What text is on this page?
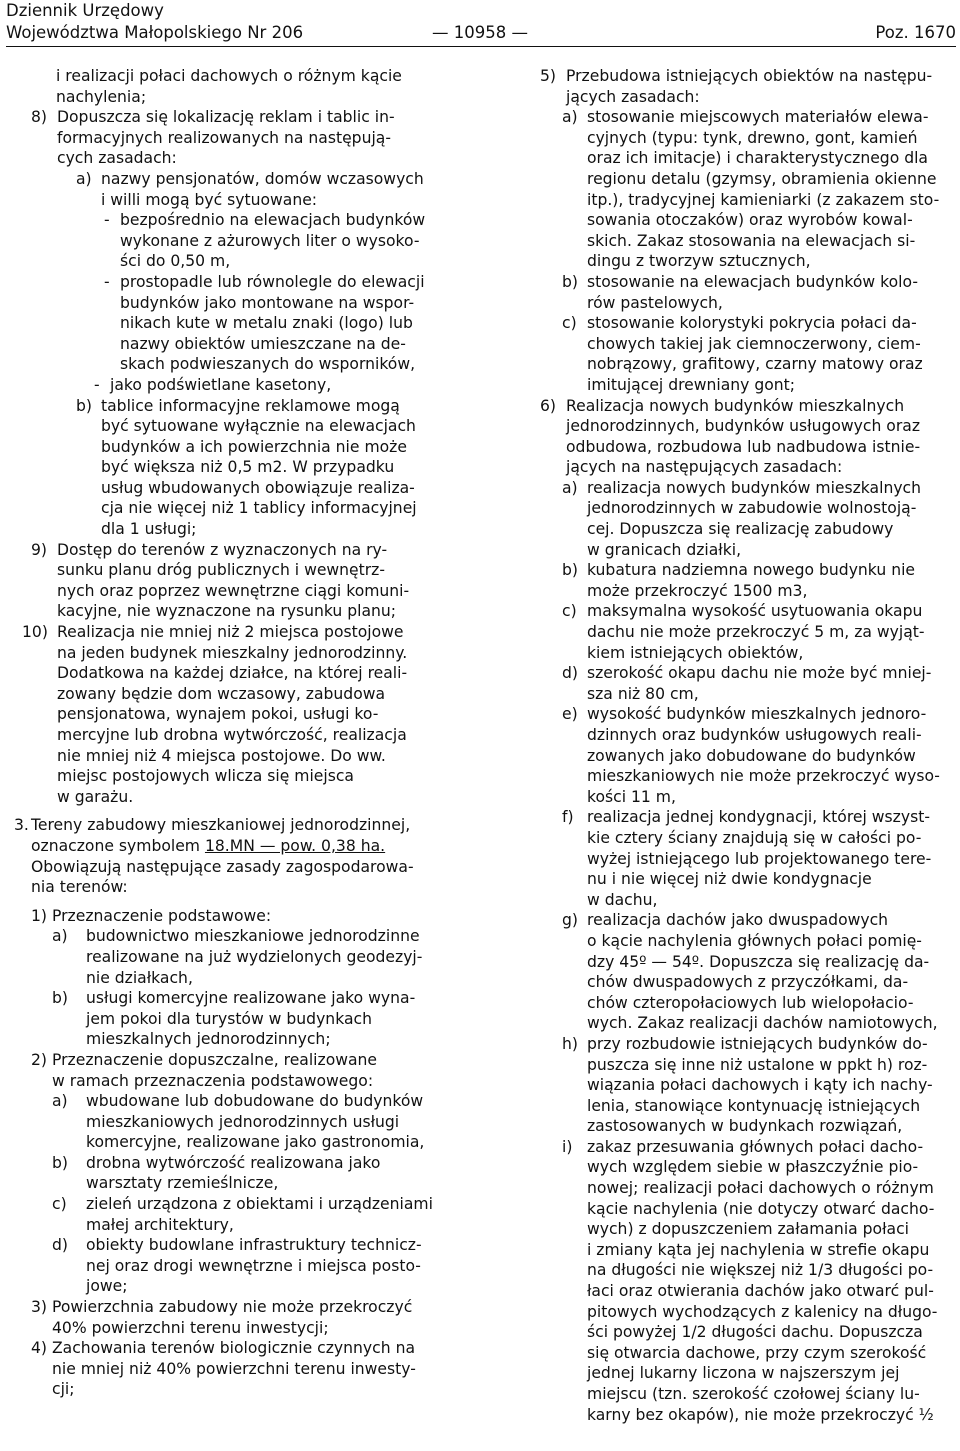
Dziennik Urzędowy
Województwa Małopolskiego Nr 206	— 10958 —	Poz. 1670
i realizacji połaci dachowych o różnym kącie
nachylenia;
8) Dopuszcza się lokalizację reklam i tablic in-
formacyjnych realizowanych na następują-
cych zasadach:
a) nazwy pensjonatów, domów wczasowych
i willi mogą być sytuowane:
- bezpośrednio na elewacjach budynków
wykonane z ażurowych liter o wysoko-
ści do 0,50 m,
- prostopadle lub równolegle do elewacji
budynków jako montowane na wspor-
nikach kute w metalu znaki (logo) lub
nazwy obiektów umieszczane na de-
skach podwieszanych do wsporników,
- jako podświetlane kasetony,
b) tablice informacyjne reklamowe mogą
być sytuowane wyłącznie na elewacjach
budynków a ich powierzchnia nie może
być większa niż 0,5 m2. W przypadku
usług wbudowanych obowiązuje realiza-
cja nie więcej niż 1 tablicy informacyjnej
dla 1 usługi;
9) Dostęp do terenów z wyznaczonych na ry-
sunku planu dróg publicznych i wewnętrz-
nych oraz poprzez wewnętrzne ciągi komuni-
kacyjne, nie wyznaczone na rysunku planu;
10) Realizacja nie mniej niż 2 miejsca postojowe
na jeden budynek mieszkalny jednorodzinny.
Dodatkowa na każdej działce, na której reali-
zowany będzie dom wczasowy, zabudowa
pensjonatowa, wynajem pokoi, usługi ko-
mercyjne lub drobna wytwórczość, realizacja
nie mniej niż 4 miejsca postojowe. Do ww.
miejsc postojowych wlicza się miejsca
w garażu.
3. Tereny zabudowy mieszkaniowej jednorodzinnej,
oznaczone symbolem 18.MN — pow. 0,38 ha.
Obowiązują następujące zasady zagospodarowa-
nia terenów:
1) Przeznaczenie podstawowe:
a)	budownictwo mieszkaniowe jednorodzinne
realizowane na już wydzielonych geodezyj-
nie działkach,
b)	usługi komercyjne realizowane jako wyna-
jem pokoi dla turystów w budynkach
mieszkalnych jednorodzinnych;
2) Przeznaczenie dopuszczalne, realizowane
w ramach przeznaczenia podstawowego:
a)	wbudowane lub dobudowane do budynków
mieszkaniowych jednorodzinnych usługi
komercyjne, realizowane jako gastronomia,
b)	drobna wytwórczość realizowana jako
warsztaty rzemieślnicze,
c)	zieleń urządzona z obiektami i urządzeniami
małej architektury,
d)	obiekty budowlane infrastruktury technicz-
nej oraz drogi wewnętrzne i miejsca posto-
jowe;
3) Powierzchnia zabudowy nie może przekroczyć
40% powierzchni terenu inwestycji;
4) Zachowania terenów biologicznie czynnych na
nie mniej niż 40% powierzchni terenu inwesty-
cji;
5) Przebudowa istniejących obiektów na następu-
jących zasadach:
a) stosowanie miejscowych materiałów elewa-
cyjnych (typu: tynk, drewno, gont, kamień
oraz ich imitacje) i charakterystycznego dla
regionu detalu (gzymsy, obramienia okienne
itp.), tradycyjnej kamieniarki (z zakazem sto-
sowania otoczaków) oraz wyrobów kowal-
skich. Zakaz stosowania na elewacjach si-
dingu z tworzyw sztucznych,
b) stosowanie na elewacjach budynków kolo-
rów pastelowych,
c) stosowanie kolorystyki pokrycia połaci da-
chowych takiej jak ciemnoczerwony, ciem-
nobrązowy, grafitowy, czarny matowy oraz
imitującej drewniany gont;
6) Realizacja nowych budynków mieszkalnych
jednorodzinnych, budynków usługowych oraz
odbudowa, rozbudowa lub nadbudowa istnie-
jących na następujących zasadach:
a) realizacja nowych budynków mieszkalnych
jednorodzinnych w zabudowie wolnostoją-
cej. Dopuszcza się realizację zabudowy
w granicach działki,
b) kubatura nadziemna nowego budynku nie
może przekroczyć 1500 m3,
c) maksymalna wysokość usytuowania okapu
dachu nie może przekroczyć 5 m, za wyjąt-
kiem istniejących obiektów,
d) szerokość okapu dachu nie może być mniej-
sza niż 80 cm,
e) wysokość budynków mieszkalnych jednoro-
dzinnych oraz budynków usługowych reali-
zowanych jako dobudowane do budynków
mieszkaniowych nie może przekroczyć wyso-
kości 11 m,
f) realizacja jednej kondygnacji, której wszyst-
kie cztery ściany znajdują się w całości po-
wyżej istniejącego lub projektowanego tere-
nu i nie więcej niż dwie kondygnacje
w dachu,
g) realizacja dachów jako dwuspadowych
o kącie nachylenia głównych połaci pomię-
dzy 45º — 54º. Dopuszcza się realizację da-
chów dwuspadowych z przyczółkami, da-
chów czteropołaciowych lub wielopołacio-
wych. Zakaz realizacji dachów namiotowych,
h) przy rozbudowie istniejących budynków do-
puszcza się inne niż ustalone w ppkt h) roz-
wiązania połaci dachowych i kąty ich nachy-
lenia, stanowiące kontynuację istniejących
zastosowanych w budynkach rozwiązań,
i) zakaz przesuwania głównych połaci dacho-
wych względem siebie w płaszczyźnie pio-
nowej; realizacji połaci dachowych o różnym
kącie nachylenia (nie dotyczy otwarć dacho-
wych) z dopuszczeniem załamania połaci
i zmiany kąta jej nachylenia w strefie okapu
na długości nie większej niż 1/3 długości po-
łaci oraz otwierania dachów jako otwarć pul-
pitowych wychodzących z kalenicy na długo-
ści powyżej 1/2 długości dachu. Dopuszcza
się otwarcia dachowe, przy czym szerokość
jednej lukarny liczona w najszerszym jej
miejscu (tzn. szerokość czołowej ściany lu-
karny bez okapów), nie może przekroczyć ½
